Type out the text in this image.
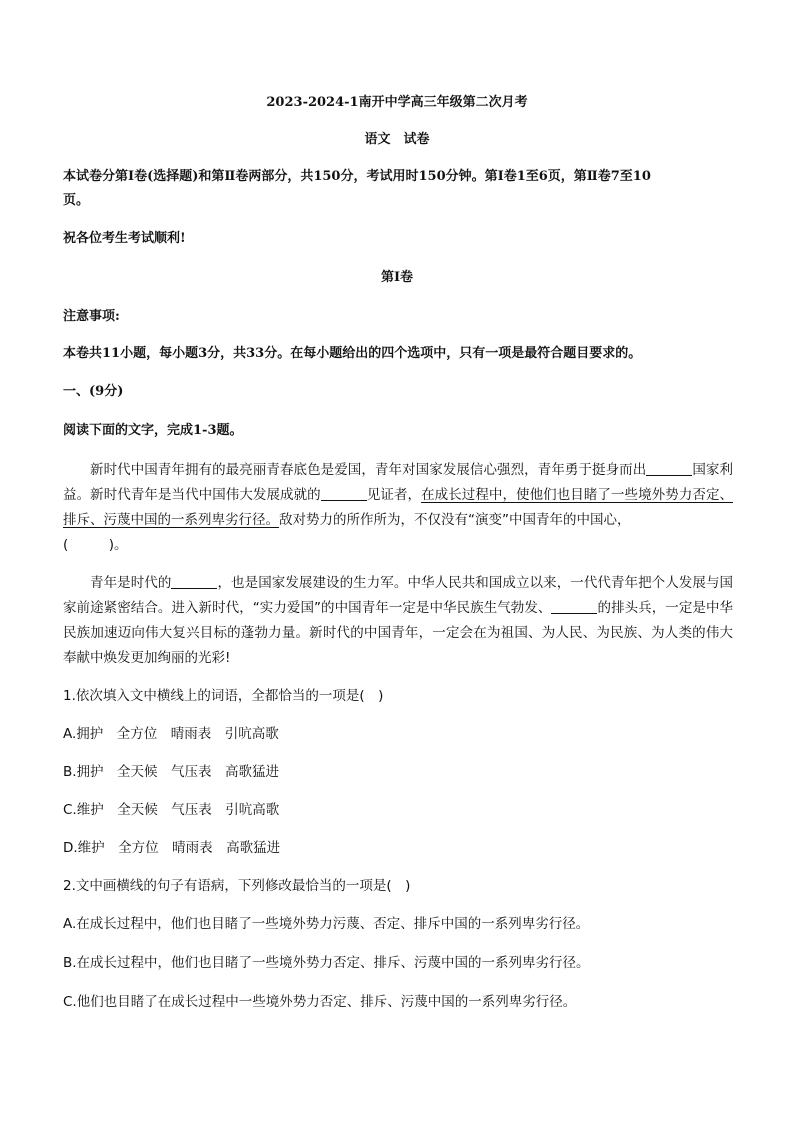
2023-2024-1南开中学高三年级第二次月考
语文　试卷
本试卷分第Ⅰ卷(选择题)和第Ⅱ卷两部分，共150分，考试用时150分钟。第Ⅰ卷1至6页，第Ⅱ卷7至10
页。
祝各位考生考试顺利!
第Ⅰ卷
注意事项:
本卷共11小题，每小题3分，共33分。在每小题给出的四个选项中，只有一项是最符合题目要求的。
一、(9分)
阅读下面的文字，完成1-3题。
新时代中国青年拥有的最亮丽青春底色是爱国，青年对国家发展信心强烈，青年勇于挺身而出	国家利益。新时代青年是当代中国伟大发展成就的	见证者，在成长过程中，使他们也目睹了一些境外势力否定、排斥、污蔑中国的一系列卑劣行径。敌对势力的所作所为，不仅没有“演变”中国青年的中国心，
(　　　)。
青年是时代的	，也是国家发展建设的生力军。中华人民共和国成立以来，一代代青年把个人发展与国家前途紧密结合。进入新时代，“实力爱国”的中国青年一定是中华民族生气勃发、	的排头兵，一定是中华民族加速迈向伟大复兴目标的蓬勃力量。新时代的中国青年，一定会在为祖国、为人民、为民族、为人类的伟大奉献中焕发更加绚丽的光彩!
1.依次填入文中横线上的词语，全都恰当的一项是(　)
A.拥护　全方位　晴雨表　引吭高歌
B.拥护　全天候　气压表　高歌猛进
C.维护　全天候　气压表　引吭高歌
D.维护　全方位　晴雨表　高歌猛进
2.文中画横线的句子有语病，下列修改最恰当的一项是(　)
A.在成长过程中，他们也目睹了一些境外势力污蔑、否定、排斥中国的一系列卑劣行径。
B.在成长过程中，他们也目睹了一些境外势力否定、排斥、污蔑中国的一系列卑劣行径。
C.他们也目睹了在成长过程中一些境外势力否定、排斥、污蔑中国的一系列卑劣行径。
